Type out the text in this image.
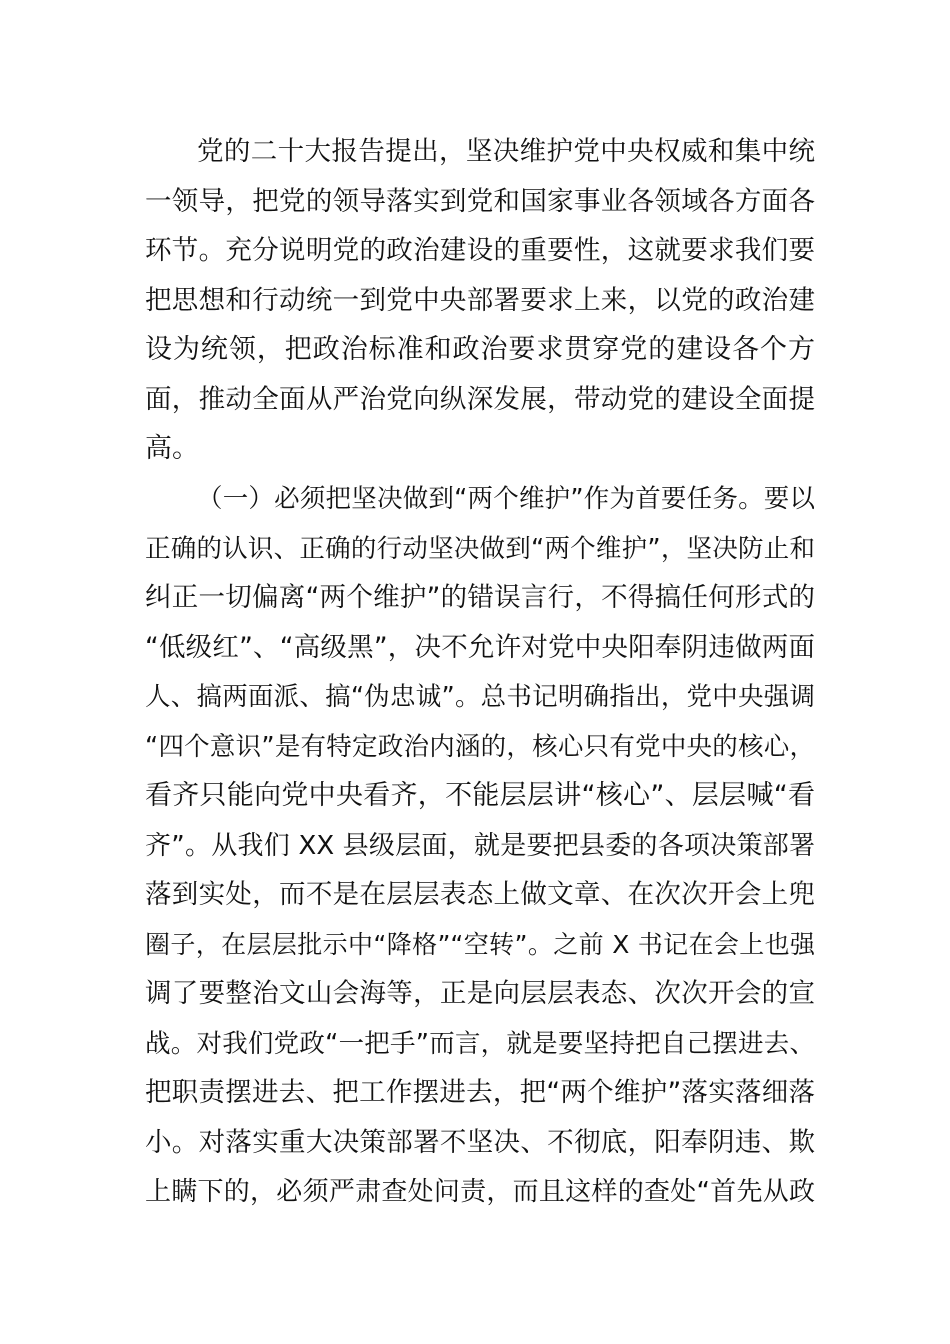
党的二十大报告提出，坚决维护党中央权威和集中统
一领导，把党的领导落实到党和国家事业各领域各方面各
环节。充分说明党的政治建设的重要性，这就要求我们要
把思想和行动统一到党中央部署要求上来，以党的政治建
设为统领，把政治标准和政治要求贯穿党的建设各个方
面，推动全面从严治党向纵深发展，带动党的建设全面提
高。
（一）必须把坚决做到“两个维护”作为首要任务。要以
正确的认识、正确的行动坚决做到“两个维护”，坚决防止和
纠正一切偏离“两个维护”的错误言行，不得搞任何形式的
“低级红”、“高级黑”，决不允许对党中央阳奉阴违做两面
人、搞两面派、搞“伪忠诚”。总书记明确指出，党中央强调
“四个意识”是有特定政治内涵的，核心只有党中央的核心，
看齐只能向党中央看齐，不能层层讲“核心”、层层喊“看
齐”。从我们 XX 县级层面，就是要把县委的各项决策部署
落到实处，而不是在层层表态上做文章、在次次开会上兜
圈子，在层层批示中“降格”“空转”。之前 X 书记在会上也强
调了要整治文山会海等，正是向层层表态、次次开会的宣
战。对我们党政“一把手”而言，就是要坚持把自己摆进去、
把职责摆进去、把工作摆进去，把“两个维护”落实落细落
小。对落实重大决策部署不坚决、不彻底，阳奉阴违、欺
上瞒下的，必须严肃查处问责，而且这样的查处“首先从政
